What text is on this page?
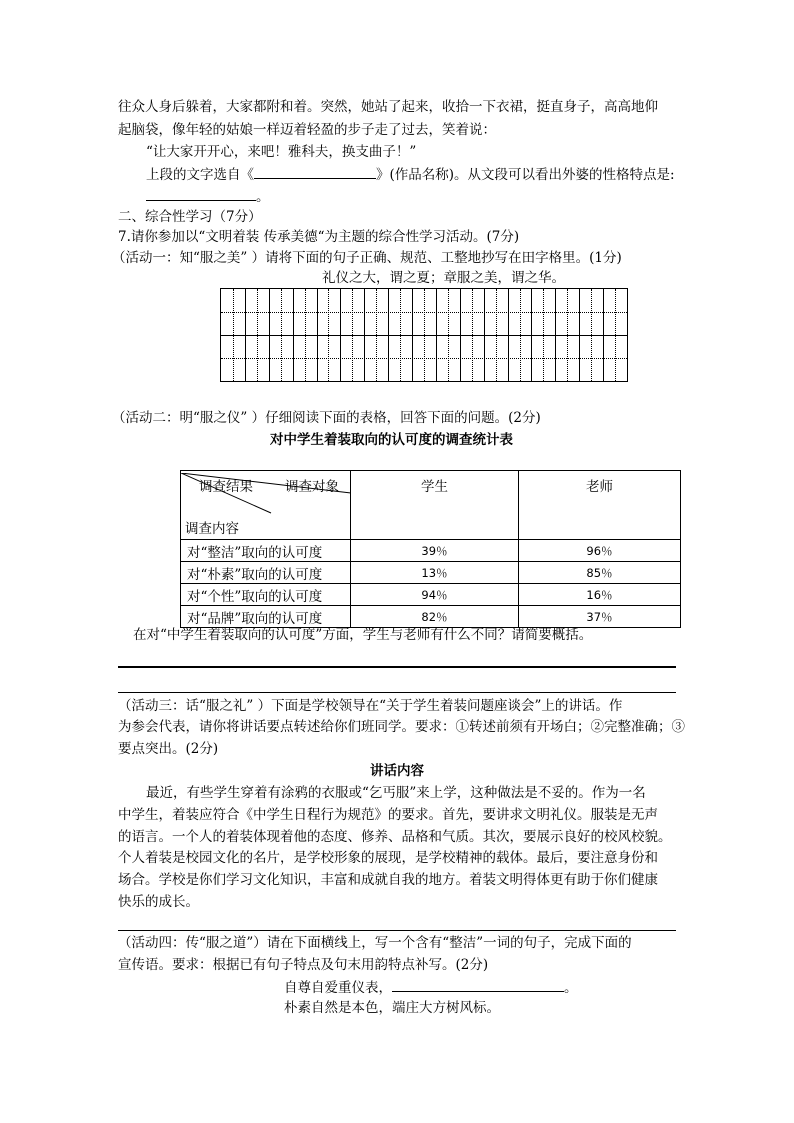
往众人身后躲着，大家都附和着。突然，她站了起来，收拾一下衣裙，挺直身子，高高地仰
起脑袋，像年轻的姑娘一样迈着轻盈的步子走了过去，笑着说：
“让大家开开心，来吧！雅科夫，换支曲子！”
上段的文字选自《	》(作品名称)。从文段可以看出外婆的性格特点是:
。
二、综合性学习（7分）
7.请你参加以“文明着装 传承美德“为主题的综合性学习活动。(7分)
（活动一：知“服之美” ）请将下面的句子正确、规范、工整地抄写在田字格里。(1分)
礼仪之大，谓之夏；章服之美，谓之华。
（活动二：明“服之仪” ）仔细阅读下面的表格，回答下面的问题。(2分)
对中学生着装取向的认可度的调查统计表
调查结果 调查对象
调查内容	学生	老师
对“整洁”取向的认可度	39％	96％
对“朴素”取向的认可度	13％	85％
对“个性”取向的认可度	94％	16％
对“品牌”取向的认可度	82％	37％
在对“中学生着装取向的认可度”方面，学生与老师有什么不同？请简要概括。
（活动三：话“服之礼” ）下面是学校领导在“关于学生着装问题座谈会”上的讲话。作
为参会代表，请你将讲话要点转述给你们班同学。要求：①转述前须有开场白；②完整准确；③
要点突出。(2分)
讲话内容
最近，有些学生穿着有涂鸦的衣服或“乞丐服”来上学，这种做法是不妥的。作为一名
中学生，着装应符合《中学生日程行为规范》的要求。首先，要讲求文明礼仪。服装是无声
的语言。一个人的着装体现着他的态度、修养、品格和气质。其次，要展示良好的校风校貌。
个人着装是校园文化的名片，是学校形象的展现，是学校精神的载体。最后，要注意身份和
场合。学校是你们学习文化知识，丰富和成就自我的地方。着装文明得体更有助于你们健康
快乐的成长。
（活动四：传“服之道”）请在下面横线上，写一个含有“整洁”一词的句子，完成下面的
宣传语。要求：根据已有句子特点及句末用韵特点补写。(2分)
自尊自爱重仪表，	。
朴素自然是本色，端庄大方树风标。
